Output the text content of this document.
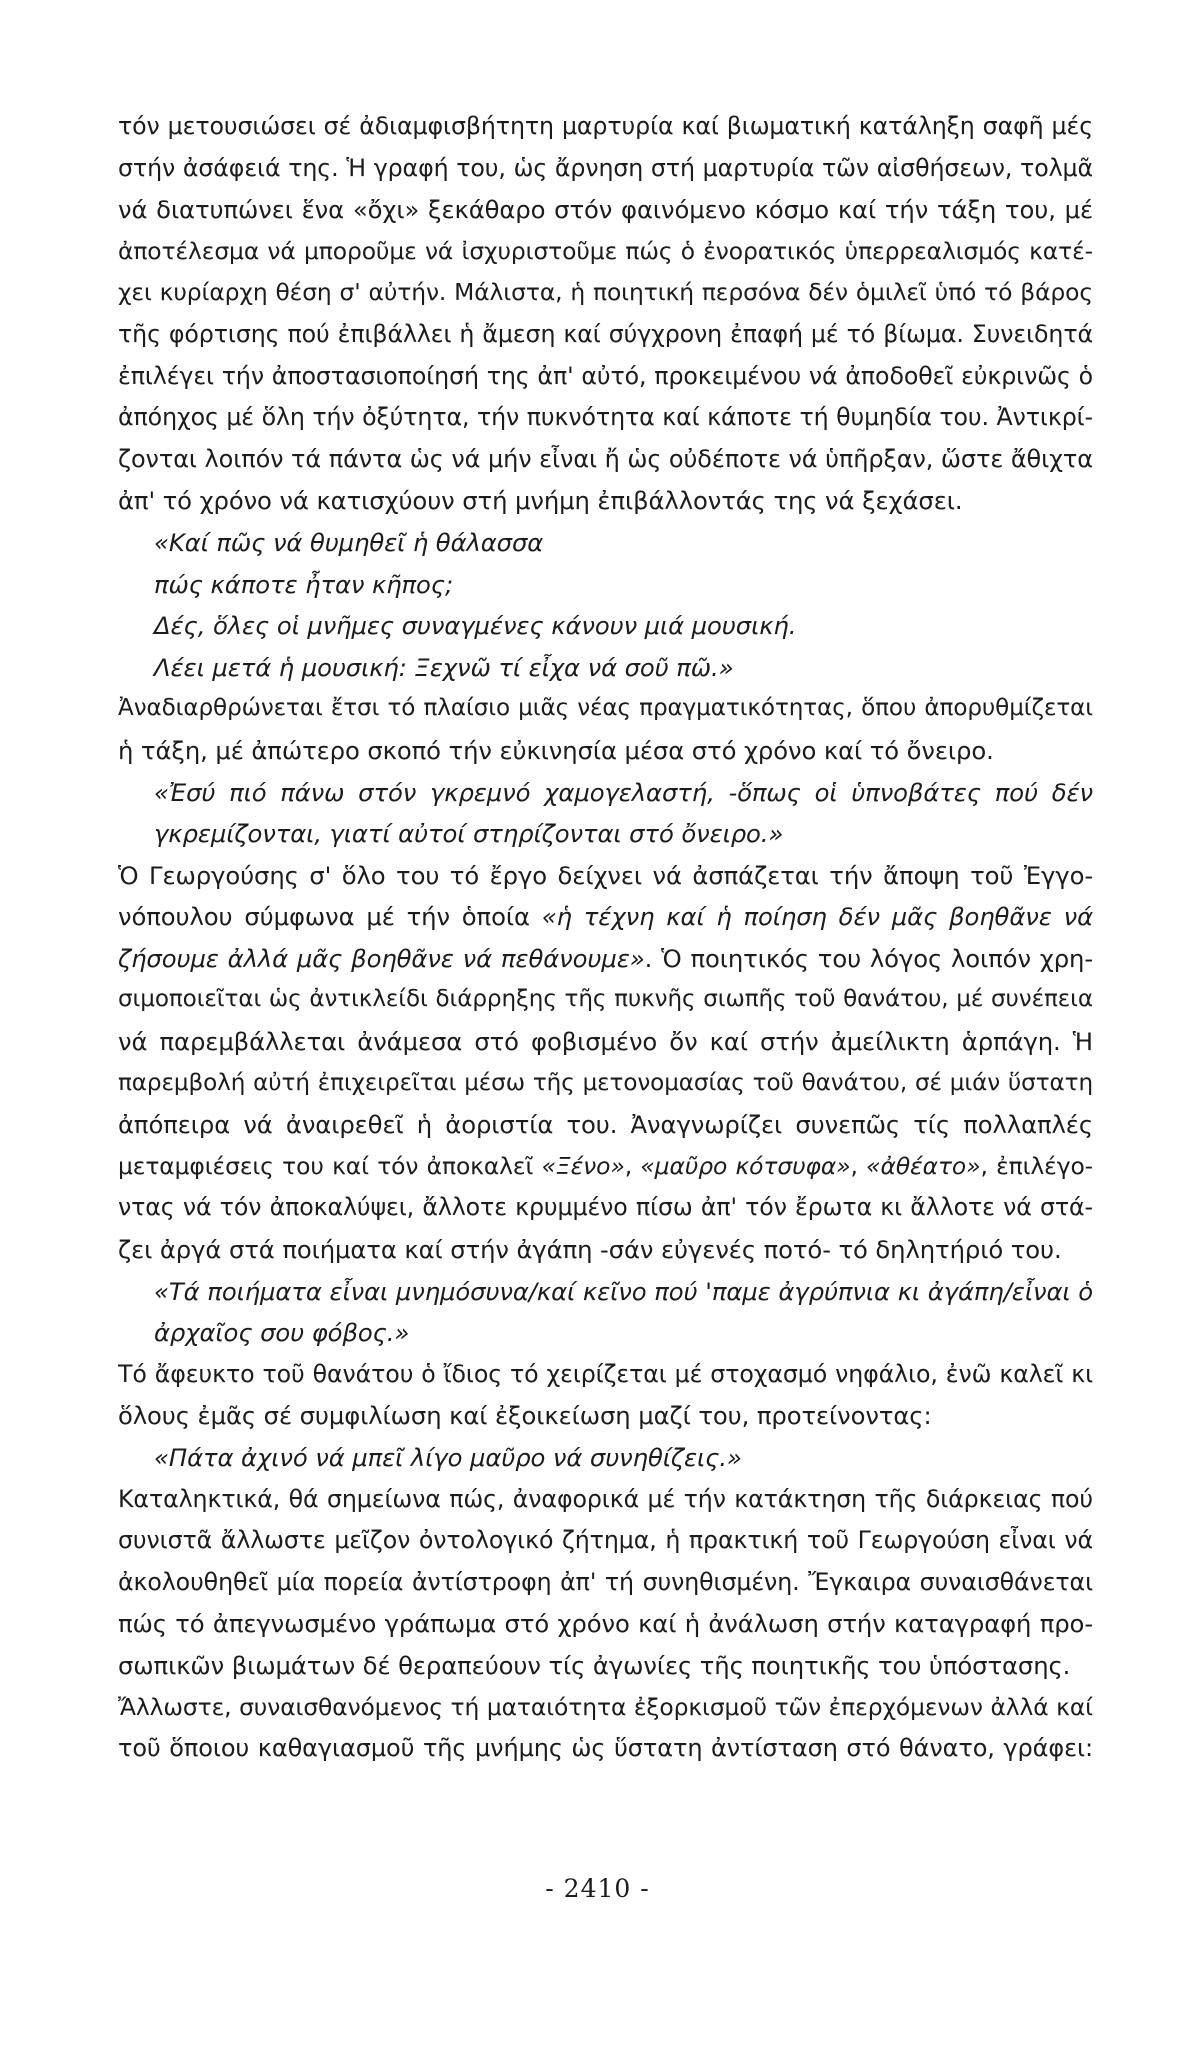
τόν μετουσιώσει σέ ἀδιαμφισβήτητη μαρτυρία καί βιωματική κατάληξη σαφῆ μές
στήν ἀσάφειά της. Ἡ γραφή του, ὡς ἄρνηση στή μαρτυρία τῶν αἰσθήσεων, τολμᾶ
νά διατυπώνει ἕνα «ὄχι» ξεκάθαρο στόν φαινόμενο κόσμο καί τήν τάξη του, μέ
ἀποτέλεσμα νά μποροῦμε νά ἰσχυριστοῦμε πώς ὁ ἐνορατικός ὑπερρεαλισμός κατέ-
χει κυρίαρχη θέση σ' αὐτήν. Μάλιστα, ἡ ποιητική περσόνα δέν ὁμιλεῖ ὑπό τό βάρος
τῆς φόρτισης πού ἐπιβάλλει ἡ ἄμεση καί σύγχρονη ἐπαφή μέ τό βίωμα. Συνειδητά
ἐπιλέγει τήν ἀποστασιοποίησή της ἀπ' αὐτό, προκειμένου νά ἀποδοθεῖ εὐκρινῶς ὁ
ἀπόηχος μέ ὅλη τήν ὀξύτητα, τήν πυκνότητα καί κάποτε τή θυμηδία του. Ἀντικρί-
ζονται λοιπόν τά πάντα ὡς νά μήν εἶναι ἤ ὡς οὐδέποτε νά ὑπῆρξαν, ὥστε ἄθιχτα
ἀπ' τό χρόνο νά κατισχύουν στή μνήμη ἐπιβάλλοντάς της νά ξεχάσει.
«Καί πῶς νά θυμηθεῖ ἡ θάλασσα
πώς κάποτε ἦταν κῆπος;
Δές, ὅλες οἱ μνῆμες συναγμένες κάνουν μιά μουσική.
Λέει μετά ἡ μουσική: Ξεχνῶ τί εἶχα νά σοῦ πῶ.»
Ἀναδιαρθρώνεται ἔτσι τό πλαίσιο μιᾶς νέας πραγματικότητας, ὅπου ἀπορυθμίζεται
ἡ τάξη, μέ ἀπώτερο σκοπό τήν εὐκινησία μέσα στό χρόνο καί τό ὄνειρο.
«Ἐσύ πιό πάνω στόν γκρεμνό χαμογελαστή, -ὅπως οἱ ὑπνοβάτες πού δέν
γκρεμίζονται, γιατί αὐτοί στηρίζονται στό ὄνειρο.»
Ὁ Γεωργούσης σ' ὅλο του τό ἔργο δείχνει νά ἀσπάζεται τήν ἄποψη τοῦ Ἐγγο-
νόπουλου σύμφωνα μέ τήν ὁποία «ἡ τέχνη καί ἡ ποίηση δέν μᾶς βοηθᾶνε νά
ζήσουμε ἀλλά μᾶς βοηθᾶνε νά πεθάνουμε». Ὁ ποιητικός του λόγος λοιπόν χρη-
σιμοποιεῖται ὡς ἀντικλείδι διάρρηξης τῆς πυκνῆς σιωπῆς τοῦ θανάτου, μέ συνέπεια
νά παρεμβάλλεται ἀνάμεσα στό φοβισμένο ὄν καί στήν ἀμείλικτη ἁρπάγη. Ἡ
παρεμβολή αὐτή ἐπιχειρεῖται μέσω τῆς μετονομασίας τοῦ θανάτου, σέ μιάν ὕστατη
ἀπόπειρα νά ἀναιρεθεῖ ἡ ἀοριστία του. Ἀναγνωρίζει συνεπῶς τίς πολλαπλές
μεταμφιέσεις του καί τόν ἀποκαλεῖ «Ξένο», «μαῦρο κότσυφα», «ἀθέατο», ἐπιλέγο-
ντας νά τόν ἀποκαλύψει, ἄλλοτε κρυμμένο πίσω ἀπ' τόν ἔρωτα κι ἄλλοτε νά στά-
ζει ἀργά στά ποιήματα καί στήν ἀγάπη -σάν εὐγενές ποτό- τό δηλητήριό του.
«Τά ποιήματα εἶναι μνημόσυνα/καί κεῖνο πού 'παμε ἀγρύπνια κι ἀγάπη/εἶναι ὁ
ἀρχαῖος σου φόβος.»
Τό ἄφευκτο τοῦ θανάτου ὁ ἴδιος τό χειρίζεται μέ στοχασμό νηφάλιο, ἐνῶ καλεῖ κι
ὅλους ἐμᾶς σέ συμφιλίωση καί ἐξοικείωση μαζί του, προτείνοντας:
«Πάτα ἀχινό νά μπεῖ λίγο μαῦρο νά συνηθίζεις.»
Καταληκτικά, θά σημείωνα πώς, ἀναφορικά μέ τήν κατάκτηση τῆς διάρκειας πού
συνιστᾶ ἄλλωστε μεῖζον ὀντολογικό ζήτημα, ἡ πρακτική τοῦ Γεωργούση εἶναι νά
ἀκολουθηθεῖ μία πορεία ἀντίστροφη ἀπ' τή συνηθισμένη. Ἔγκαιρα συναισθάνεται
πώς τό ἀπεγνωσμένο γράπωμα στό χρόνο καί ἡ ἀνάλωση στήν καταγραφή προ-
σωπικῶν βιωμάτων δέ θεραπεύουν τίς ἀγωνίες τῆς ποιητικῆς του ὑπόστασης.
Ἄλλωστε, συναισθανόμενος τή ματαιότητα ἐξορκισμοῦ τῶν ἐπερχόμενων ἀλλά καί
τοῦ ὅποιου καθαγιασμοῦ τῆς μνήμης ὡς ὕστατη ἀντίσταση στό θάνατο, γράφει:
- 2410 -
